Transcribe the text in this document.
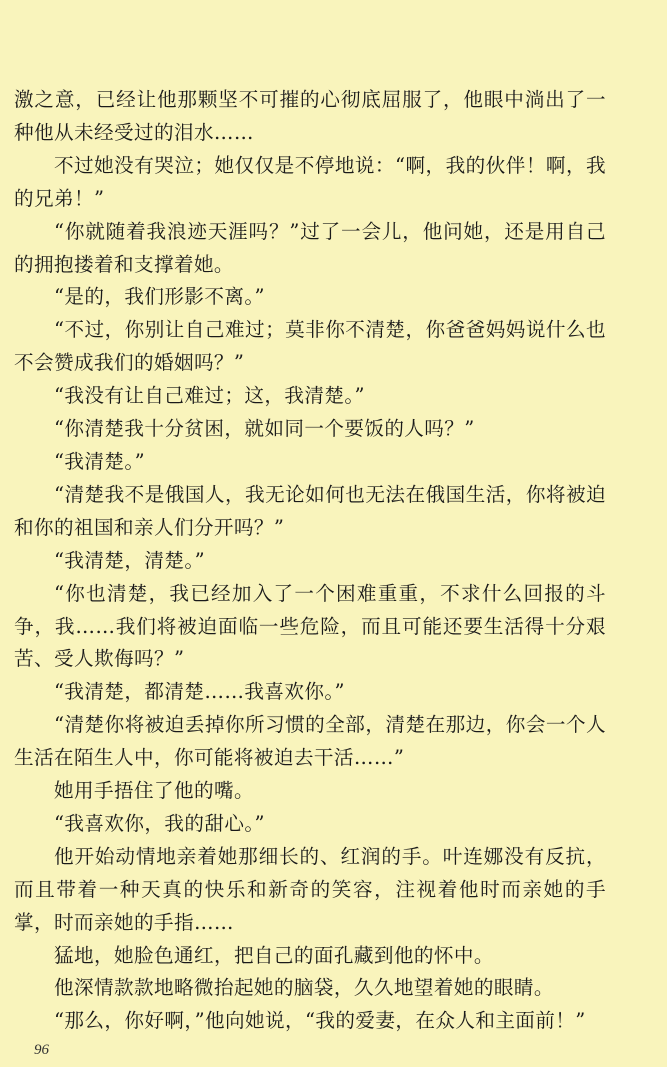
激之意，已经让他那颗坚不可摧的心彻底屈服了，他眼中淌出了一种他从未经受过的泪水……

不过她没有哭泣；她仅仅是不停地说：“啊，我的伙伴！啊，我的兄弟！”

“你就随着我浪迹天涯吗？”过了一会儿，他问她，还是用自己的拥抱搂着和支撑着她。

“是的，我们形影不离。”

“不过，你别让自己难过；莫非你不清楚，你爸爸妈妈说什么也不会赞成我们的婚姻吗？”

“我没有让自己难过；这，我清楚。”

“你清楚我十分贫困，就如同一个要饭的人吗？”

“我清楚。”

“清楚我不是俄国人，我无论如何也无法在俄国生活，你将被迫和你的祖国和亲人们分开吗？”

“我清楚，清楚。”

“你也清楚，我已经加入了一个困难重重，不求什么回报的斗争，我……我们将被迫面临一些危险，而且可能还要生活得十分艰苦、受人欺侮吗？”

“我清楚，都清楚……我喜欢你。”

“清楚你将被迫丢掉你所习惯的全部，清楚在那边，你会一个人生活在陌生人中，你可能将被迫去干活……”

她用手捂住了他的嘴。

“我喜欢你，我的甜心。”

他开始动情地亲着她那细长的、红润的手。叶连娜没有反抗，而且带着一种天真的快乐和新奇的笑容，注视着他时而亲她的手掌，时而亲她的手指……

猛地，她脸色通红，把自己的面孔藏到他的怀中。

他深情款款地略微抬起她的脑袋，久久地望着她的眼睛。

“那么，你好啊，”他向她说，“我的爱妻，在众人和主面前！”

96
